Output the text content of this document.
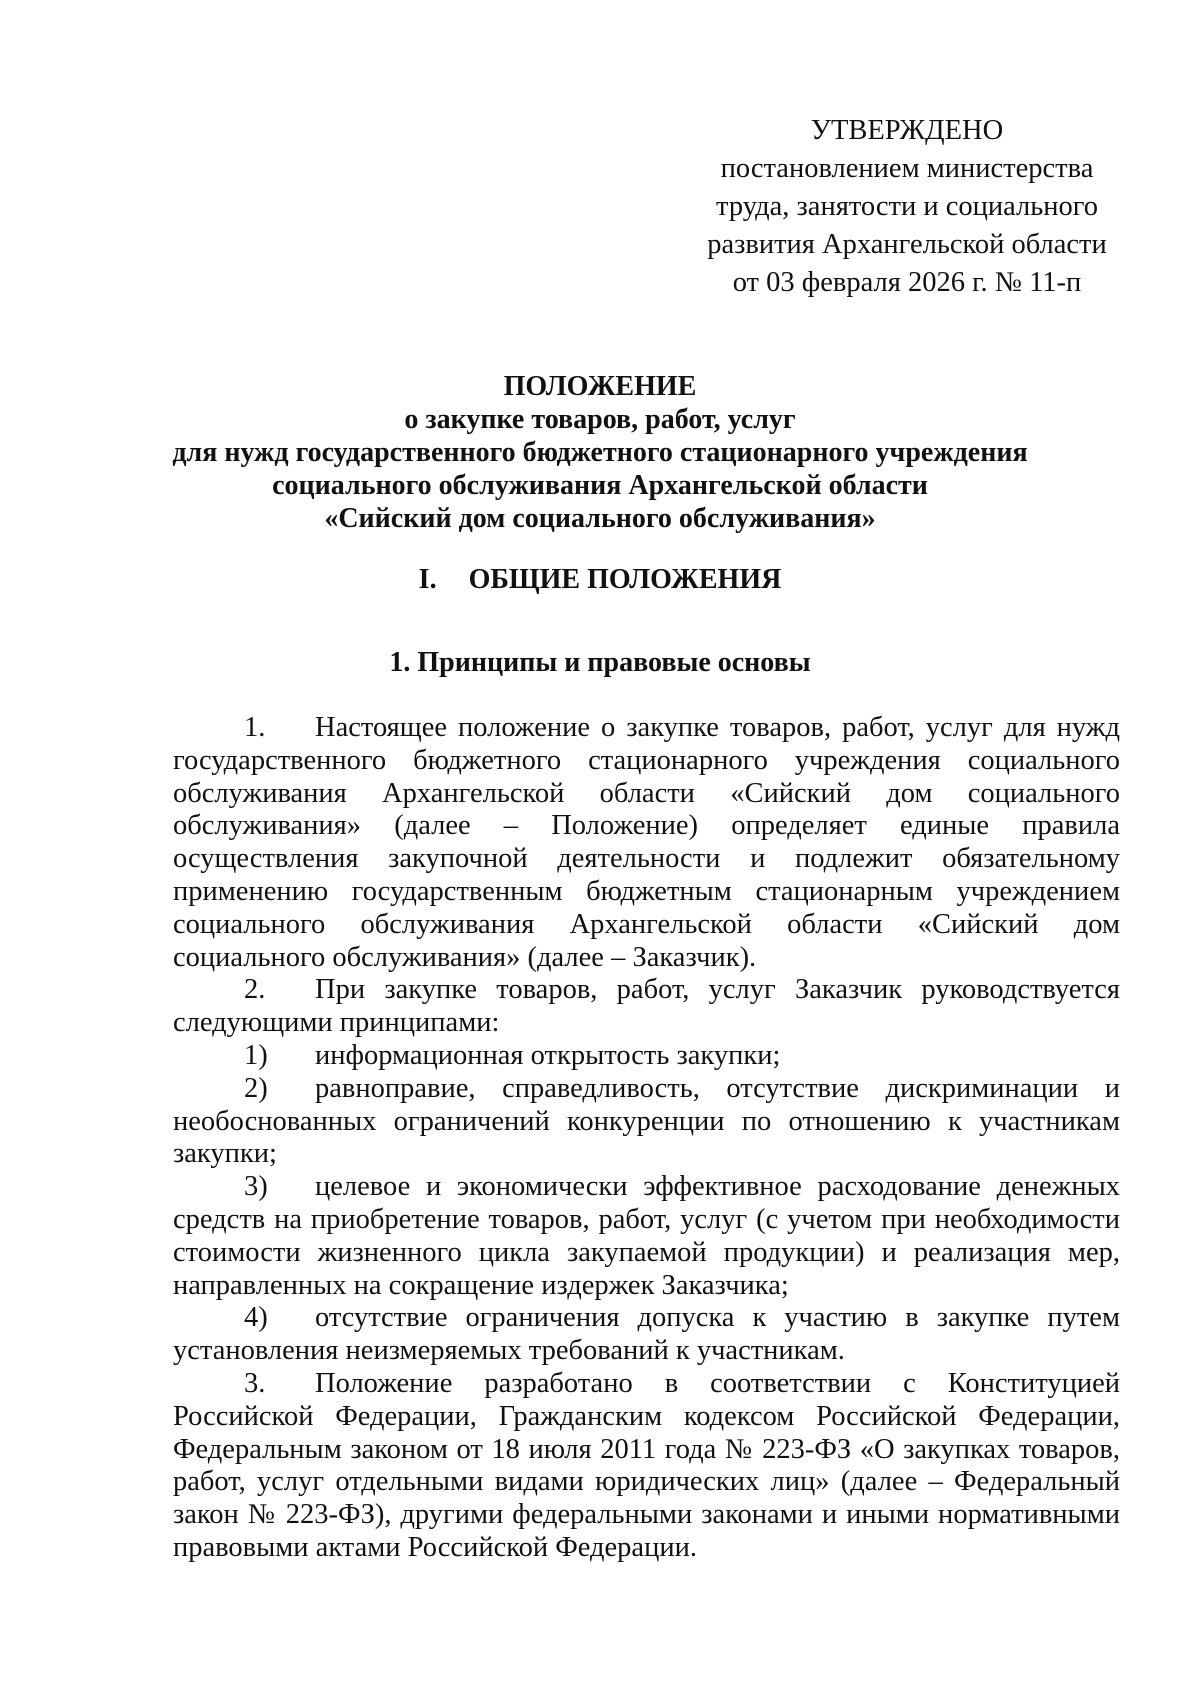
УТВЕРЖДЕНО
постановлением министерства
труда, занятости и социального
развития Архангельской области
от 03 февраля 2026 г. № 11-п
ПОЛОЖЕНИЕ
о закупке товаров, работ, услуг
для нужд государственного бюджетного стационарного учреждения
социального обслуживания Архангельской области
«Сийский дом социального обслуживания»
I. ОБЩИЕ ПОЛОЖЕНИЯ
1. Принципы и правовые основы

1. Настоящее положение о закупке товаров, работ, услуг для нужд государственного бюджетного стационарного учреждения социального обслуживания Архангельской области «Сийский дом социального обслуживания» (далее – Положение) определяет единые правила осуществления закупочной деятельности и подлежит обязательному применению государственным бюджетным стационарным учреждением социального обслуживания Архангельской области «Сийский дом социального обслуживания» (далее – Заказчик).

2. При закупке товаров, работ, услуг Заказчик руководствуется следующими принципами:

1) информационная открытость закупки;

2) равноправие, справедливость, отсутствие дискриминации и необоснованных ограничений конкуренции по отношению к участникам закупки;

3) целевое и экономически эффективное расходование денежных средств на приобретение товаров, работ, услуг (с учетом при необходимости стоимости жизненного цикла закупаемой продукции) и реализация мер, направленных на сокращение издержек Заказчика;

4) отсутствие ограничения допуска к участию в закупке путем установления неизмеряемых требований к участникам.

3. Положение разработано в соответствии с Конституцией Российской Федерации, Гражданским кодексом Российской Федерации, Федеральным законом от 18 июля 2011 года № 223-ФЗ «О закупках товаров, работ, услуг отдельными видами юридических лиц» (далее – Федеральный закон № 223-ФЗ), другими федеральными законами и иными нормативными правовыми актами Российской Федерации.
